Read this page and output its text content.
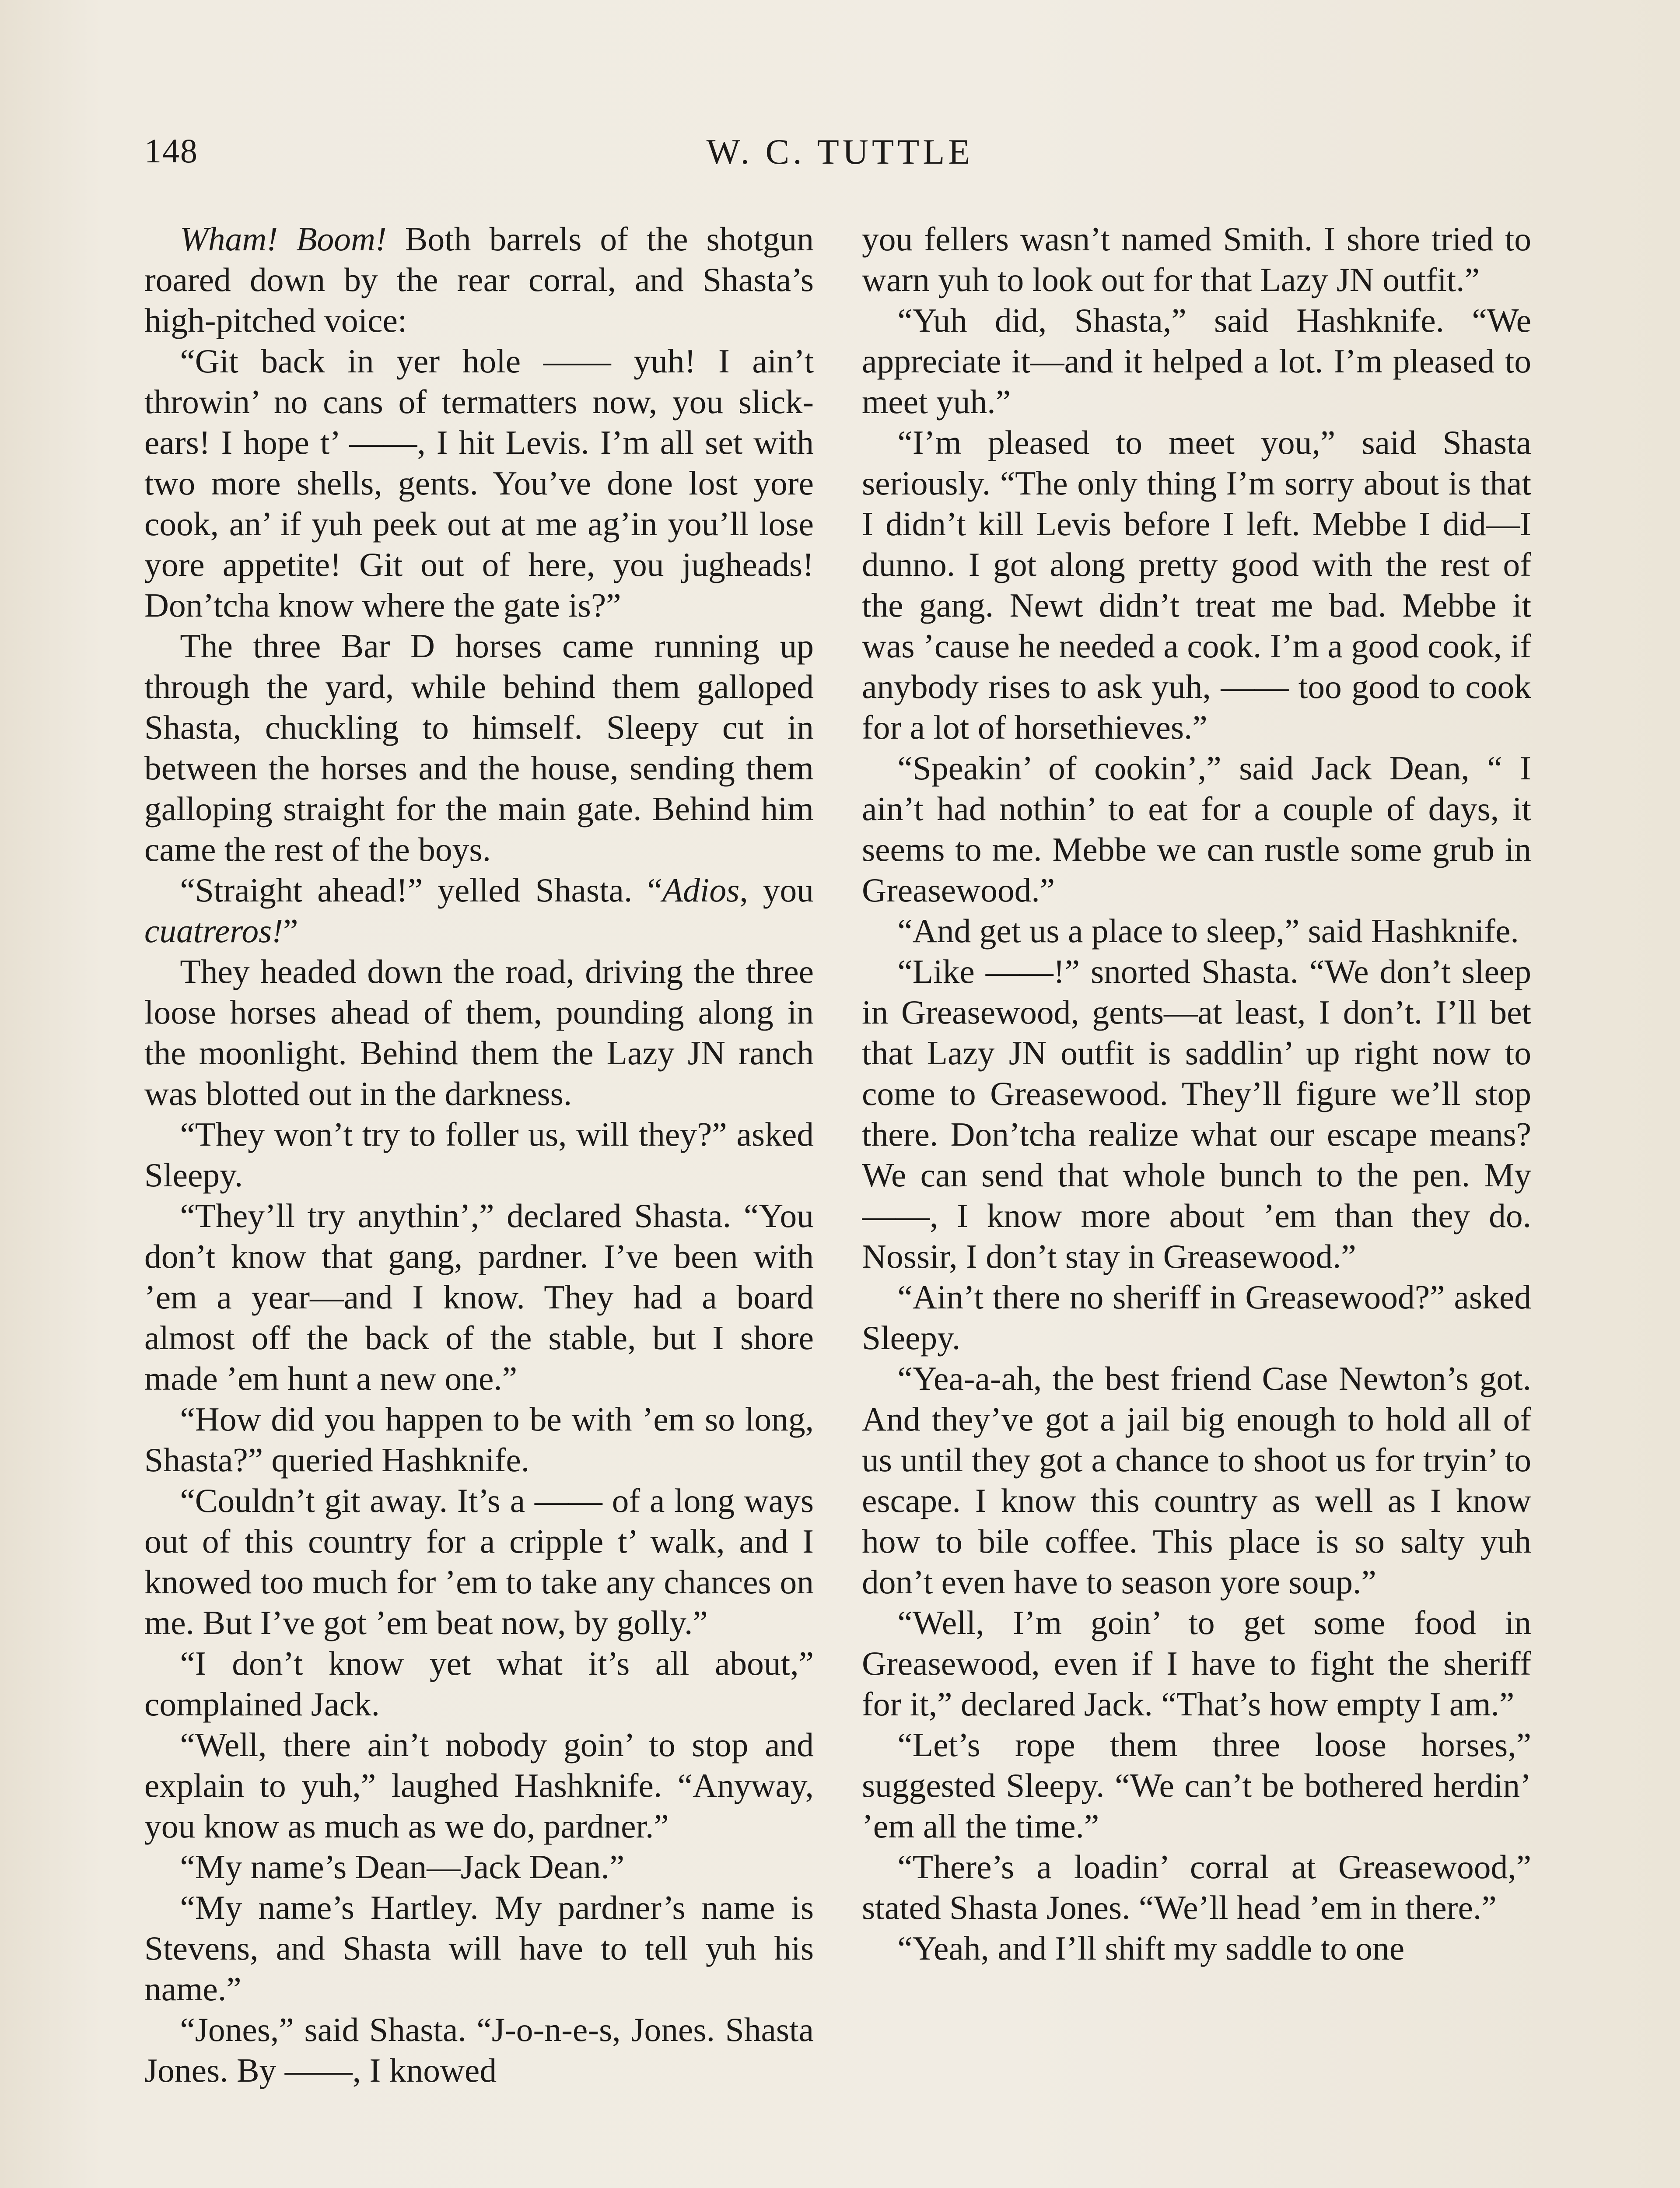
148	W. C. TUTTLE

Wham! Boom! Both barrels of the shotgun roared down by the rear corral, and Shasta’s high-pitched voice:

“Git back in yer hole —— yuh! I ain’t throwin’ no cans of termatters now, you slick-ears! I hope t’ ——, I hit Levis. I’m all set with two more shells, gents. You’ve done lost yore cook, an’ if yuh peek out at me ag’in you’ll lose yore appetite! Git out of here, you jugheads! Don’tcha know where the gate is?”

The three Bar D horses came running up through the yard, while behind them galloped Shasta, chuckling to himself. Sleepy cut in between the horses and the house, sending them galloping straight for the main gate. Behind him came the rest of the boys.

“Straight ahead!” yelled Shasta. “Adios, you cuatreros!”

They headed down the road, driving the three loose horses ahead of them, pounding along in the moonlight. Behind them the Lazy JN ranch was blotted out in the darkness.

“They won’t try to foller us, will they?” asked Sleepy.

“They’ll try anythin’,” declared Shasta. “You don’t know that gang, pardner. I’ve been with ’em a year—and I know. They had a board almost off the back of the stable, but I shore made ’em hunt a new one.”

“How did you happen to be with ’em so long, Shasta?” queried Hashknife.

“Couldn’t git away. It’s a —— of a long ways out of this country for a cripple t’ walk, and I knowed too much for ’em to take any chances on me. But I’ve got ’em beat now, by golly.”

“I don’t know yet what it’s all about,” complained Jack.

“Well, there ain’t nobody goin’ to stop and explain to yuh,” laughed Hashknife. “Anyway, you know as much as we do, pardner.”

“My name’s Dean—Jack Dean.”

“My name’s Hartley. My pardner’s name is Stevens, and Shasta will have to tell yuh his name.”

“Jones,” said Shasta. “J-o-n-e-s, Jones. Shasta Jones. By ——, I knowed

you fellers wasn’t named Smith. I shore tried to warn yuh to look out for that Lazy JN outfit.”

“Yuh did, Shasta,” said Hashknife. “We appreciate it—and it helped a lot. I’m pleased to meet yuh.”

“I’m pleased to meet you,” said Shasta seriously. “The only thing I’m sorry about is that I didn’t kill Levis before I left. Mebbe I did—I dunno. I got along pretty good with the rest of the gang. Newt didn’t treat me bad. Mebbe it was ’cause he needed a cook. I’m a good cook, if anybody rises to ask yuh, —— too good to cook for a lot of horsethieves.”

“Speakin’ of cookin’,” said Jack Dean, “ I ain’t had nothin’ to eat for a couple of days, it seems to me. Mebbe we can rustle some grub in Greasewood.”

“And get us a place to sleep,” said Hashknife.

“Like ——!” snorted Shasta. “We don’t sleep in Greasewood, gents—at least, I don’t. I’ll bet that Lazy JN outfit is saddlin’ up right now to come to Greasewood. They’ll figure we’ll stop there. Don’tcha realize what our escape means? We can send that whole bunch to the pen. My ——, I know more about ’em than they do. Nossir, I don’t stay in Greasewood.”

“Ain’t there no sheriff in Greasewood?” asked Sleepy.

“Yea-a-ah, the best friend Case Newton’s got. And they’ve got a jail big enough to hold all of us until they got a chance to shoot us for tryin’ to escape. I know this country as well as I know how to bile coffee. This place is so salty yuh don’t even have to season yore soup.”

“Well, I’m goin’ to get some food in Greasewood, even if I have to fight the sheriff for it,” declared Jack. “That’s how empty I am.”

“Let’s rope them three loose horses,” suggested Sleepy. “We can’t be bothered herdin’ ’em all the time.”

“There’s a loadin’ corral at Greasewood,” stated Shasta Jones. “We’ll head ’em in there.”

“Yeah, and I’ll shift my saddle to one
